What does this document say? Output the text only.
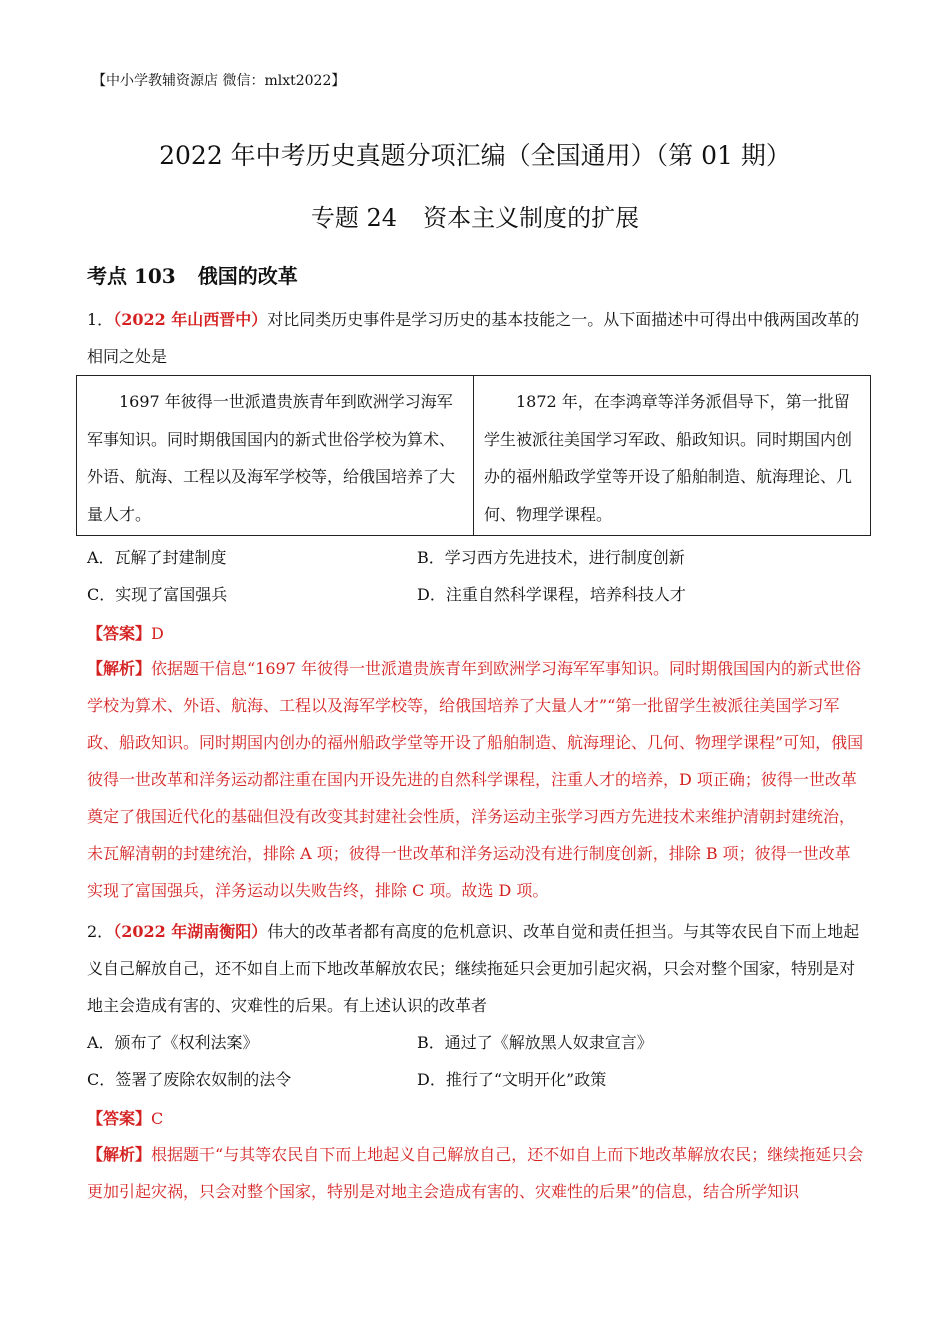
【中小学教辅资源店 微信：mlxt2022】
2022 年中考历史真题分项汇编（全国通用）（第 01 期）
专题 24 资本主义制度的扩展
考点 103 俄国的改革
1．（2022 年山西晋中）对比同类历史事件是学习历史的基本技能之一。从下面描述中可得出中俄两国改革的相同之处是
1697 年彼得一世派遣贵族青年到欧洲学习海军军事知识。同时期俄国国内的新式世俗学校为算术、外语、航海、工程以及海军学校等，给俄国培养了大量人才。
1872 年，在李鸿章等洋务派倡导下，第一批留学生被派往美国学习军政、船政知识。同时期国内创办的福州船政学堂等开设了船舶制造、航海理论、几何、物理学课程。
A．瓦解了封建制度	B．学习西方先进技术，进行制度创新
C．实现了富国强兵	D．注重自然科学课程，培养科技人才
【答案】D
【解析】依据题干信息“1697 年彼得一世派遣贵族青年到欧洲学习海军军事知识。同时期俄国国内的新式世俗学校为算术、外语、航海、工程以及海军学校等，给俄国培养了大量人才”“第一批留学生被派往美国学习军政、船政知识。同时期国内创办的福州船政学堂等开设了船舶制造、航海理论、几何、物理学课程”可知，俄国彼得一世改革和洋务运动都注重在国内开设先进的自然科学课程，注重人才的培养，D 项正确；彼得一世改革奠定了俄国近代化的基础但没有改变其封建社会性质，洋务运动主张学习西方先进技术来维护清朝封建统治，未瓦解清朝的封建统治，排除 A 项；彼得一世改革和洋务运动没有进行制度创新，排除 B 项；彼得一世改革实现了富国强兵，洋务运动以失败告终，排除 C 项。故选 D 项。
2．（2022 年湖南衡阳）伟大的改革者都有高度的危机意识、改革自觉和责任担当。与其等农民自下而上地起义自己解放自己，还不如自上而下地改革解放农民；继续拖延只会更加引起灾祸，只会对整个国家，特别是对地主会造成有害的、灾难性的后果。有上述认识的改革者
A．颁布了《权利法案》	B．通过了《解放黑人奴隶宣言》
C．签署了废除农奴制的法令	D．推行了“文明开化”政策
【答案】C
【解析】根据题干“与其等农民自下而上地起义自己解放自己，还不如自上而下地改革解放农民；继续拖延只会更加引起灾祸，只会对整个国家，特别是对地主会造成有害的、灾难性的后果”的信息，结合所学知识
